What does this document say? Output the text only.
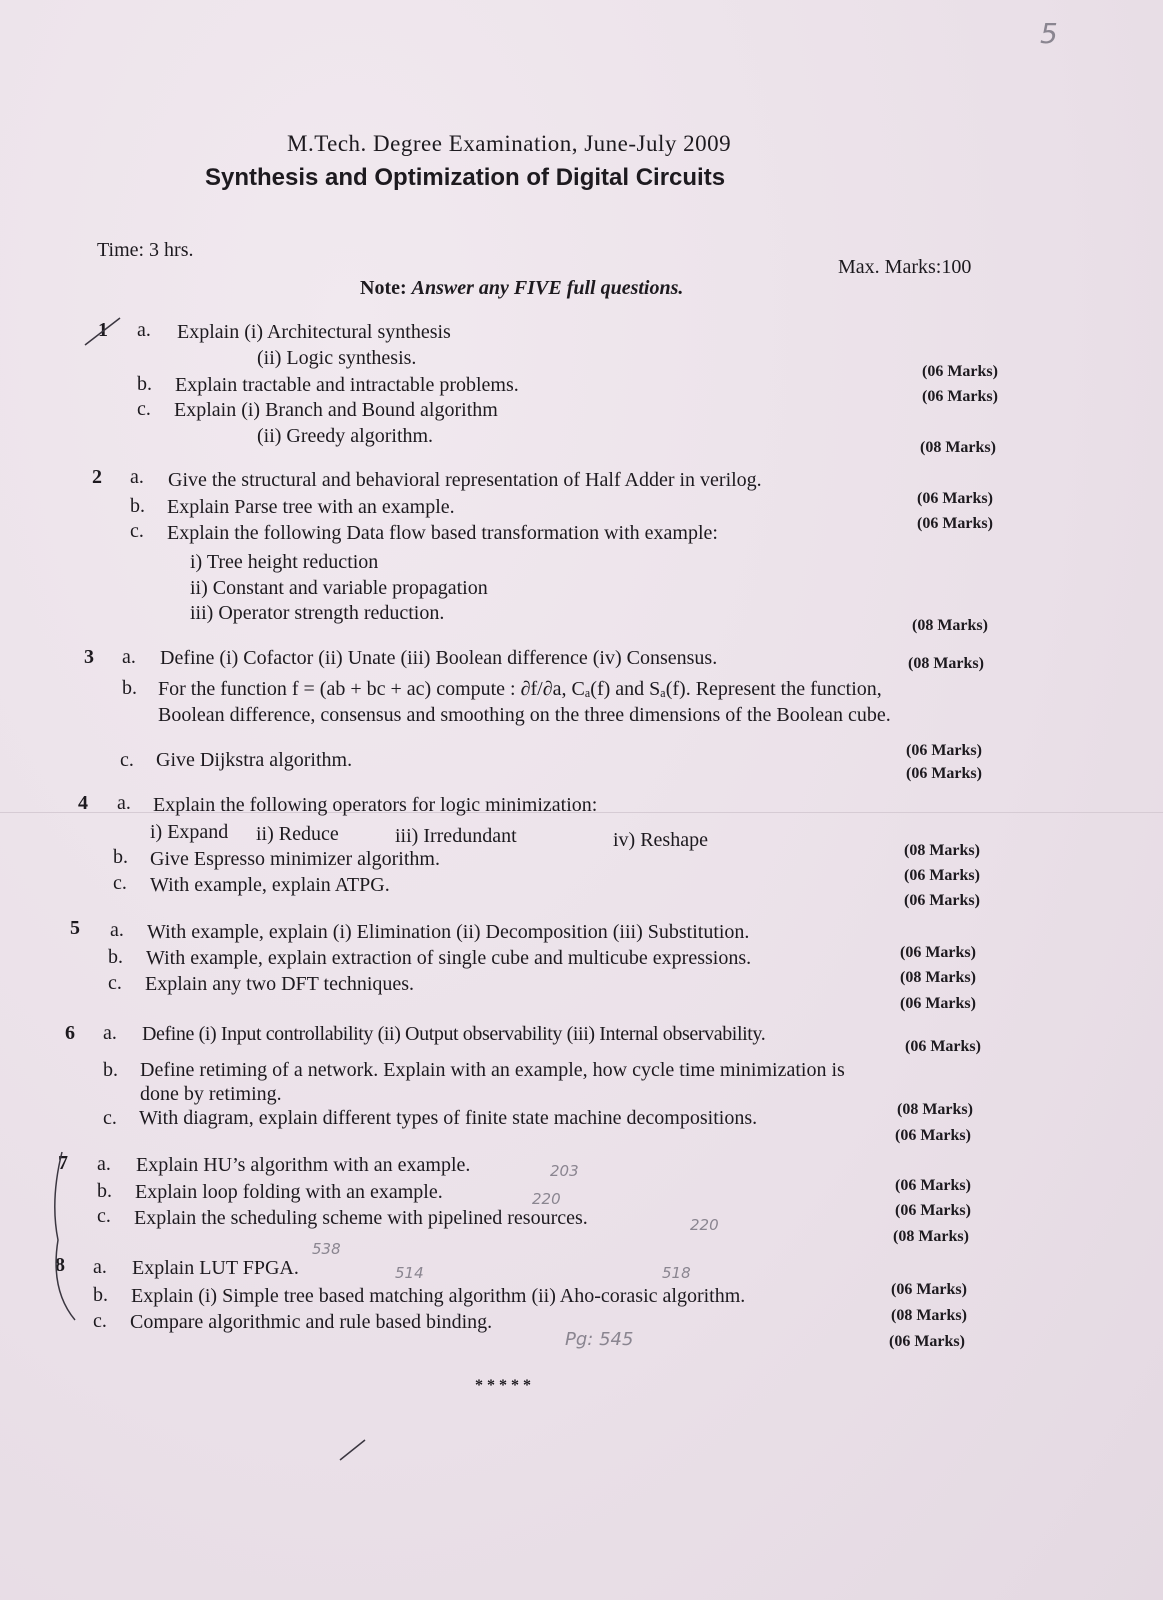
M.Tech. Degree Examination, June-July 2009
Synthesis and Optimization of Digital Circuits
Time: 3 hrs.
Max. Marks:100
Note: Answer any FIVE full questions.
1 a. Explain (i) Architectural synthesis
(ii) Logic synthesis.
(06 Marks)
b. Explain tractable and intractable problems.
(06 Marks)
c. Explain (i) Branch and Bound algorithm
(ii) Greedy algorithm.
(08 Marks)
2 a. Give the structural and behavioral representation of Half Adder in verilog.
(06 Marks)
b. Explain Parse tree with an example.
(06 Marks)
c. Explain the following Data flow based transformation with example:
i) Tree height reduction
ii) Constant and variable propagation
iii) Operator strength reduction.
(08 Marks)
3 a. Define (i) Cofactor (ii) Unate (iii) Boolean difference (iv) Consensus.	(08 Marks)
b. For the function f = (ab + bc + ac) compute : ∂f/∂a, Cₐ(f) and Sₐ(f). Represent the function,
Boolean difference, consensus and smoothing on the three dimensions of the Boolean cube.
(06 Marks)
c. Give Dijkstra algorithm.
(06 Marks)
4 a. Explain the following operators for logic minimization:
i) Expand ii) Reduce	iii) Irredundant	iv) Reshape	(08 Marks)
b. Give Espresso minimizer algorithm.
(06 Marks)
c. With example, explain ATPG.
(06 Marks)
5 a. With example, explain (i) Elimination (ii) Decomposition (iii) Substitution.
(06 Marks)
b. With example, explain extraction of single cube and multicube expressions.
(08 Marks)
c. Explain any two DFT techniques.
(06 Marks)
6 a. Define (i) Input controllability (ii) Output observability (iii) Internal observability.
(06 Marks)
b. Define retiming of a network. Explain with an example, how cycle time minimization is
done by retiming.
(08 Marks)
c. With diagram, explain different types of finite state machine decompositions.
(06 Marks)
7 a. Explain HU’s algorithm with an example.
(06 Marks)
b. Explain loop folding with an example.
(06 Marks)
c. Explain the scheduling scheme with pipelined resources.
(08 Marks)
8 a. Explain LUT FPGA.
(06 Marks)
b. Explain (i) Simple tree based matching algorithm (ii) Aho-corasic algorithm.
(08 Marks)
c. Compare algorithmic and rule based binding.
(06 Marks)
* * * * *
5
203
220
220
538
514	518
Pg: 545
